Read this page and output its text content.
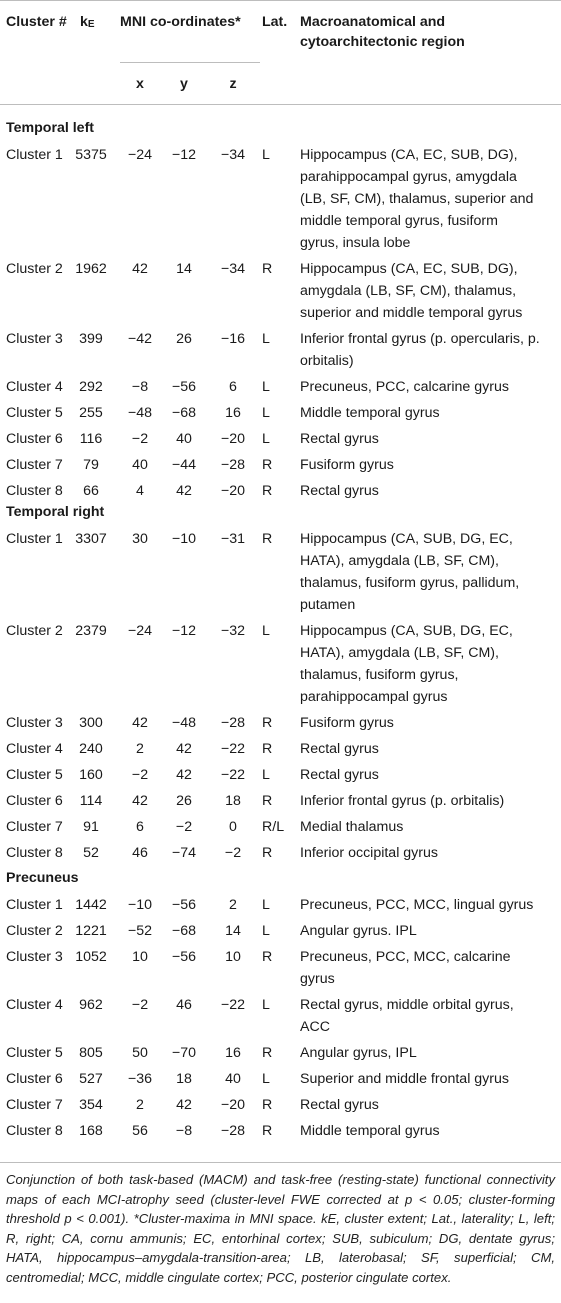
Cluster # $k_E$ MNI co-ordinates* Lat. Macroanatomical and cytoarchitectonic region
x	y	z
Temporal left
Cluster 1 5375	−24	−12	−34	L	Hippocampus (CA, EC, SUB, DG),
parahippocampal gyrus, amygdala
(LB, SF, CM), thalamus, superior and
middle temporal gyrus, fusiform
gyrus, insula lobe
Cluster 2 1962	42	14	−34	R	Hippocampus (CA, EC, SUB, DG),
amygdala (LB, SF, CM), thalamus,
superior and middle temporal gyrus
Cluster 3	399	−42	26	−16	L	Inferior frontal gyrus (p. opercularis, p.
orbitalis)
Cluster 4	292	−8	−56	6	L	Precuneus, PCC, calcarine gyrus
Cluster 5	255	−48	−68	16	L	Middle temporal gyrus
Cluster 6	116	−2	40	−20	L	Rectal gyrus
Cluster 7	79	40	−44	−28	R	Fusiform gyrus
Cluster 8	66	4	42	−20	R	Rectal gyrus
Temporal right
Cluster 1 3307	30	−10	−31	R	Hippocampus (CA, SUB, DG, EC,
HATA), amygdala (LB, SF, CM),
thalamus, fusiform gyrus, pallidum,
putamen
Cluster 2 2379	−24	−12	−32	L	Hippocampus (CA, SUB, DG, EC,
HATA), amygdala (LB, SF, CM),
thalamus, fusiform gyrus,
parahippocampal gyrus
Cluster 3	300	42	−48	−28	R	Fusiform gyrus
Cluster 4	240	2	42	−22	R	Rectal gyrus
Cluster 5	160	−2	42	−22	L	Rectal gyrus
Cluster 6	114	42	26	18	R	Inferior frontal gyrus (p. orbitalis)
Cluster 7	91	6	−2	0	R/L	Medial thalamus
Cluster 8	52	46	−74	−2	R	Inferior occipital gyrus
Precuneus
Cluster 1 1442	−10	−56	2	L	Precuneus, PCC, MCC, lingual gyrus
Cluster 2 1221	−52	−68	14	L	Angular gyrus. IPL
Cluster 3 1052	10	−56	10	R	Precuneus, PCC, MCC, calcarine
gyrus
Cluster 4	962	−2	46	−22	L	Rectal gyrus, middle orbital gyrus,
ACC
Cluster 5	805	50	−70	16	R	Angular gyrus, IPL
Cluster 6	527	−36	18	40	L	Superior and middle frontal gyrus
Cluster 7	354	2	42	−20	R	Rectal gyrus
Cluster 8	168	56	−8	−28	R	Middle temporal gyrus
Conjunction of both task-based (MACM) and task-free (resting-state) functional connectivity maps of each MCI-atrophy seed (cluster-level FWE corrected at p < 0.05; cluster-forming threshold p < 0.001). *Cluster-maxima in MNI space. kE, cluster extent; Lat., laterality; L, left; R, right; CA, cornu ammunis; EC, entorhinal cortex; SUB, subiculum; DG, dentate gyrus; HATA, hippocampus–amygdala-transition-area; LB, laterobasal; SF, superficial; CM, centromedial; MCC, middle cingulate cortex; PCC, posterior cingulate cortex.
